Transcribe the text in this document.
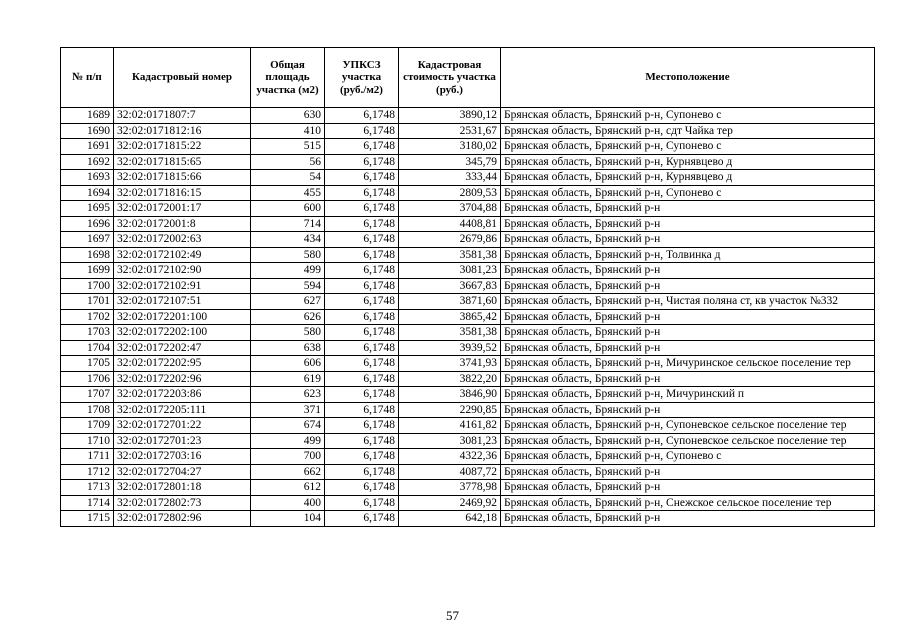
№ п/п	Кадастровый номер	Общая площадь участка (м2)	УПКСЗ участка (руб./м2)	Кадастровая стоимость участка (руб.)	Местоположение
1689	32:02:0171807:7	630	6,1748	3890,12	Брянская область, Брянский р-н, Супонево с
1690	32:02:0171812:16	410	6,1748	2531,67	Брянская область, Брянский р-н, сдт Чайка тер
1691	32:02:0171815:22	515	6,1748	3180,02	Брянская область, Брянский р-н, Супонево с
1692	32:02:0171815:65	56	6,1748	345,79	Брянская область, Брянский р-н, Курнявцево д
1693	32:02:0171815:66	54	6,1748	333,44	Брянская область, Брянский р-н, Курнявцево д
1694	32:02:0171816:15	455	6,1748	2809,53	Брянская область, Брянский р-н, Супонево с
1695	32:02:0172001:17	600	6,1748	3704,88	Брянская область, Брянский р-н
1696	32:02:0172001:8	714	6,1748	4408,81	Брянская область, Брянский р-н
1697	32:02:0172002:63	434	6,1748	2679,86	Брянская область, Брянский р-н
1698	32:02:0172102:49	580	6,1748	3581,38	Брянская область, Брянский р-н, Толвинка д
1699	32:02:0172102:90	499	6,1748	3081,23	Брянская область, Брянский р-н
1700	32:02:0172102:91	594	6,1748	3667,83	Брянская область, Брянский р-н
1701	32:02:0172107:51	627	6,1748	3871,60	Брянская область, Брянский р-н, Чистая поляна ст, кв участок №332
1702	32:02:0172201:100	626	6,1748	3865,42	Брянская область, Брянский р-н
1703	32:02:0172202:100	580	6,1748	3581,38	Брянская область, Брянский р-н
1704	32:02:0172202:47	638	6,1748	3939,52	Брянская область, Брянский р-н
1705	32:02:0172202:95	606	6,1748	3741,93	Брянская область, Брянский р-н, Мичуринское сельское поселение тер
1706	32:02:0172202:96	619	6,1748	3822,20	Брянская область, Брянский р-н
1707	32:02:0172203:86	623	6,1748	3846,90	Брянская область, Брянский р-н, Мичуринский п
1708	32:02:0172205:111	371	6,1748	2290,85	Брянская область, Брянский р-н
1709	32:02:0172701:22	674	6,1748	4161,82	Брянская область, Брянский р-н, Супоневское сельское поселение тер
1710	32:02:0172701:23	499	6,1748	3081,23	Брянская область, Брянский р-н, Супоневское сельское поселение тер
1711	32:02:0172703:16	700	6,1748	4322,36	Брянская область, Брянский р-н, Супонево с
1712	32:02:0172704:27	662	6,1748	4087,72	Брянская область, Брянский р-н
1713	32:02:0172801:18	612	6,1748	3778,98	Брянская область, Брянский р-н
1714	32:02:0172802:73	400	6,1748	2469,92	Брянская область, Брянский р-н, Снежское сельское поселение тер
1715	32:02:0172802:96	104	6,1748	642,18	Брянская область, Брянский р-н
57
